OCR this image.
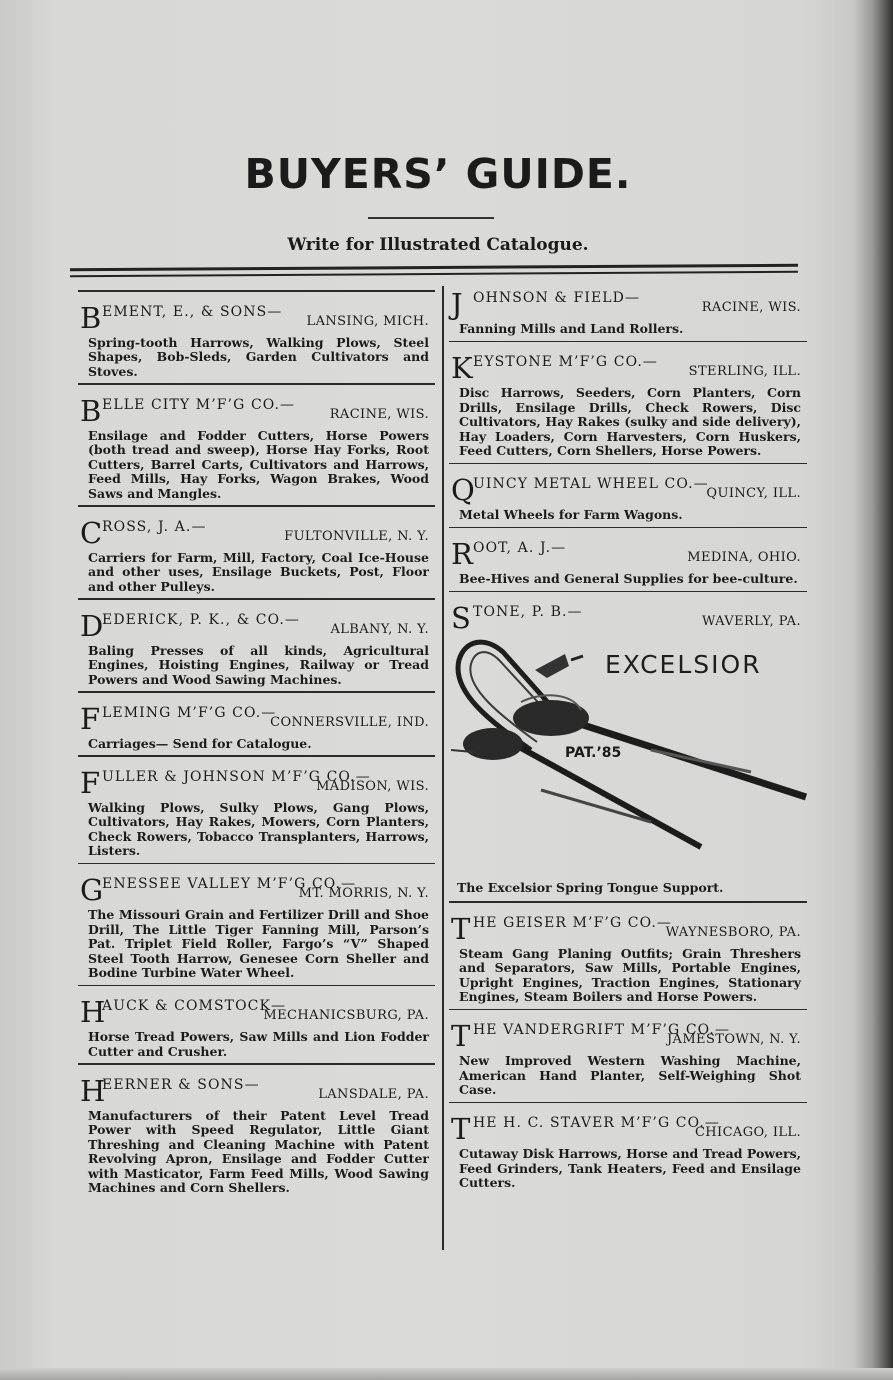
BUYERS’ GUIDE.
Write for Illustrated Catalogue.
B EMENT, E., & SONS—
LANSING, MICH.
Spring-tooth Harrows, Walking Plows, Steel Shapes, Bob-Sleds, Garden Cultivators and Stoves.
B ELLE CITY M’F’G CO.—
RACINE, WIS.
Ensilage and Fodder Cutters, Horse Powers (both tread and sweep), Horse Hay Forks, Root Cutters, Barrel Carts, Cultivators and Harrows, Feed Mills, Hay Forks, Wagon Brakes, Wood Saws and Mangles.
C ROSS, J. A.—
FULTONVILLE, N. Y.
Carriers for Farm, Mill, Factory, Coal Ice-House and other uses, Ensilage Buckets, Post, Floor and other Pulleys.
D
EDERICK, P. K., & CO.—
ALBANY, N. Y.
Baling Presses of all kinds, Agricultural Engines, Hoisting Engines, Railway or Tread Powers and Wood Sawing Machines.
F LEMING M’F’G CO.—
CONNERSVILLE, IND.
Carriages— Send for Catalogue.
F ULLER & JOHNSON M’F’G CO.—
MADISON, WIS.
Walking Plows, Sulky Plows, Gang Plows, Cultivators, Hay Rakes, Mowers, Corn Planters, Check Rowers, Tobacco Transplanters, Harrows, Listers.
G
ENESSEE VALLEY M’F’G CO.—
MT. MORRIS, N. Y.
The Missouri Grain and Fertilizer Drill and Shoe Drill, The Little Tiger Fanning Mill, Parson’s Pat. Triplet Field Roller, Fargo’s “V” Shaped Steel Tooth Harrow, Genesee Corn Sheller and Bodine Turbine Water Wheel.
H
AUCK & COMSTOCK—
MECHANICSBURG, PA.
Horse Tread Powers, Saw Mills and Lion Fodder Cutter and Crusher.
H
EERNER & SONS—
LANSDALE, PA.
Manufacturers of their Patent Level Tread Power with Speed Regulator, Little Giant Threshing and Cleaning Machine with Patent Revolving Apron, Ensilage and Fodder Cutter with Masticator, Farm Feed Mills, Wood Sawing Machines and Corn Shellers.
J OHNSON & FIELD—
RACINE, WIS.
Fanning Mills and Land Rollers.
K EYSTONE M’F’G CO.—
STERLING, ILL.
Disc Harrows, Seeders, Corn Planters, Corn Drills, Ensilage Drills, Check Rowers, Disc Cultivators, Hay Rakes (sulky and side delivery), Hay Loaders, Corn Harvesters, Corn Huskers, Feed Cutters, Corn Shellers, Horse Powers.
Q
UINCY METAL WHEEL CO.—
QUINCY, ILL.
Metal Wheels for Farm Wagons.
R OOT, A. J.—
MEDINA, OHIO.
Bee-Hives and General Supplies for bee-culture.
S TONE, P. B.—
WAVERLY, PA.
EXCELSIOR
PAT.’85
The Excelsior Spring Tongue Support.
T HE GEISER M’F’G CO.—
WAYNESBORO, PA.
Steam Gang Planing Outfits; Grain Threshers and Separators, Saw Mills, Portable Engines, Upright Engines, Traction Engines, Stationary Engines, Steam Boilers and Horse Powers.
T HE VANDERGRIFT M’F’G CO.—
JAMESTOWN, N. Y.
New Improved Western Washing Machine, American Hand Planter, Self-Weighing Shot Case.
T HE H. C. STAVER M’F’G CO.—
CHICAGO, ILL.
Cutaway Disk Harrows, Horse and Tread Powers, Feed Grinders, Tank Heaters, Feed and Ensilage Cutters.
